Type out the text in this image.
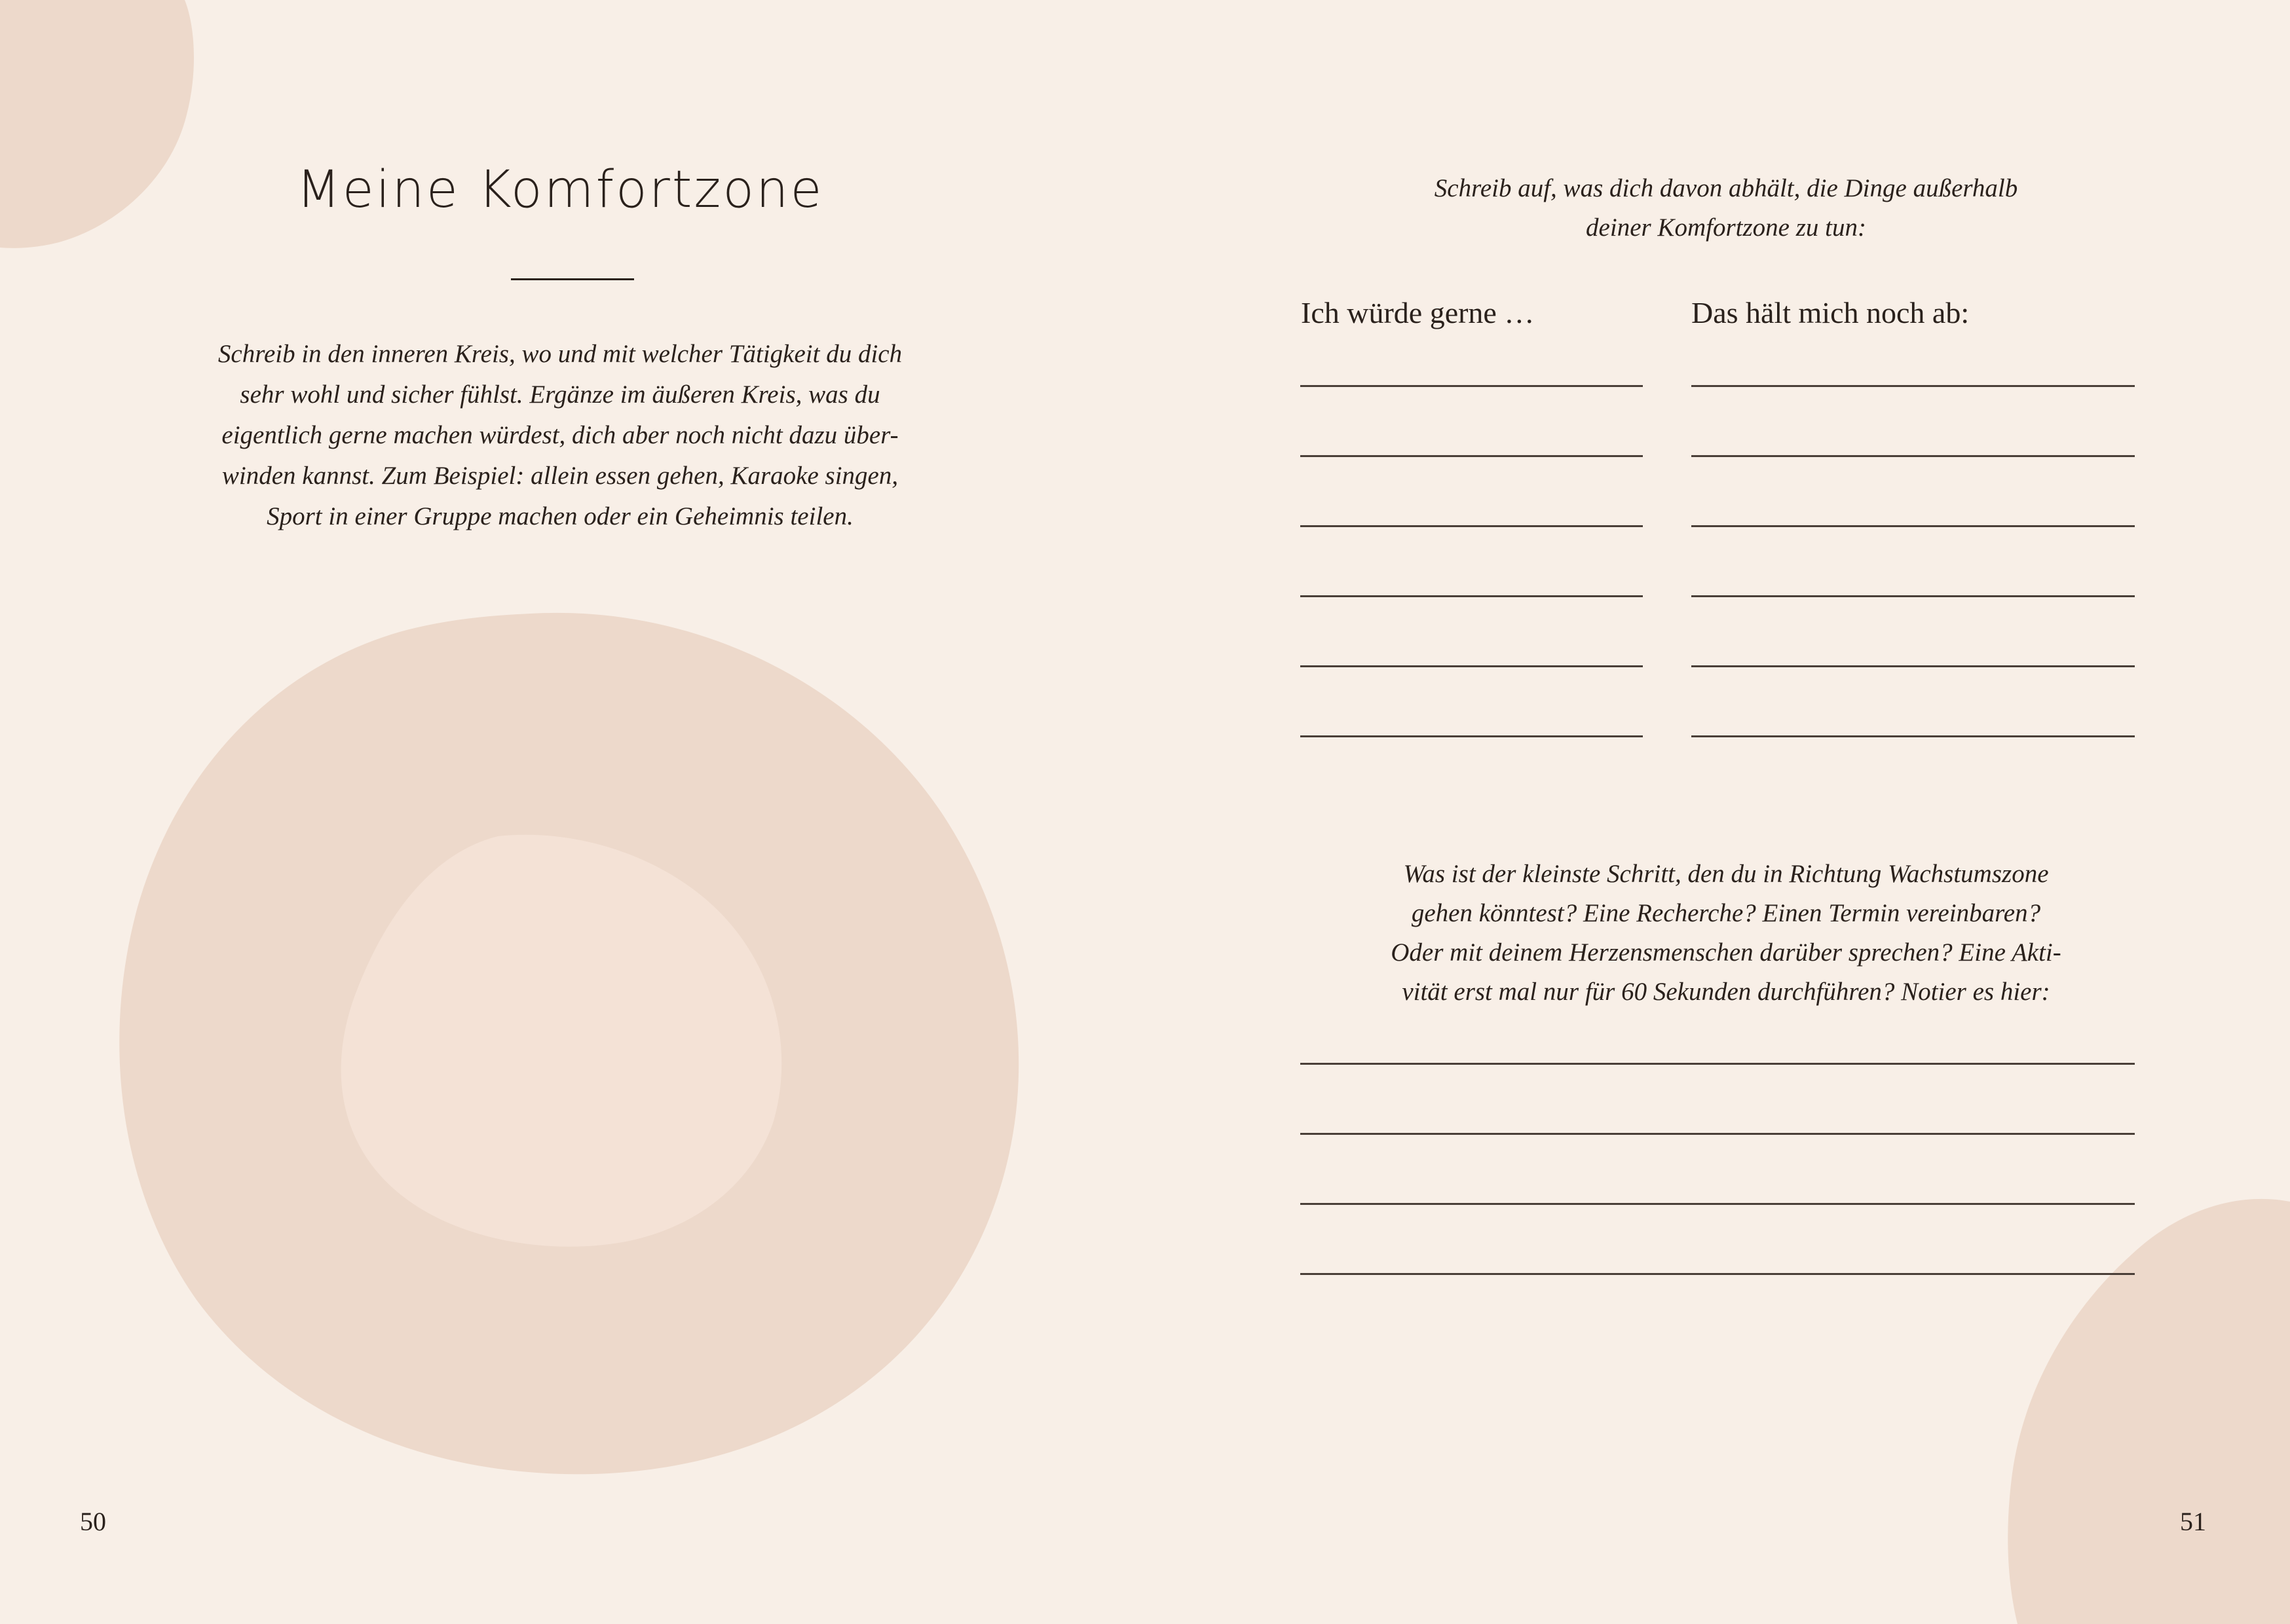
Meine Komfortzone
Schreib in den inneren Kreis, wo und mit welcher Tätigkeit du dich
sehr wohl und sicher fühlst. Ergänze im äußeren Kreis, was du
eigentlich gerne machen würdest, dich aber noch nicht dazu über-
winden kannst. Zum Beispiel: allein essen gehen, Karaoke singen,
Sport in einer Gruppe machen oder ein Geheimnis teilen.
50
Schreib auf, was dich davon abhält, die Dinge außerhalb
deiner Komfortzone zu tun:
Ich würde gerne …	Das hält mich noch ab:
Was ist der kleinste Schritt, den du in Richtung Wachstumszone
gehen könntest? Eine Recherche? Einen Termin vereinbaren?
Oder mit deinem Herzensmenschen darüber sprechen? Eine Akti-
vität erst mal nur für 60 Sekunden durchführen? Notier es hier:
51
